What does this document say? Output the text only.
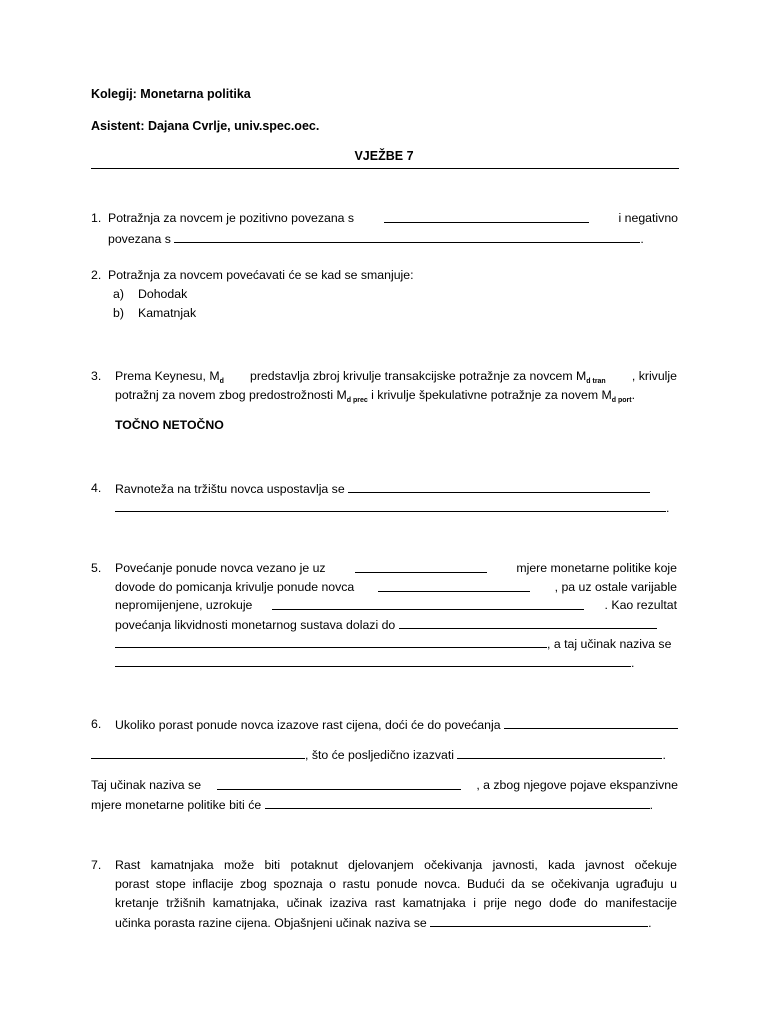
Kolegij: Monetarna politika
Asistent: Dajana Cvrlje, univ.spec.oec.
VJEŽBE 7
1. Potražnja za novcem je pozitivno povezana s	i negativno
povezana s	.
2. Potražnja za novcem povećavati će se kad se smanjuje:
a) Dohodak
b) Kamatnjak
3. Prema Keynesu, $M_d$ predstavlja zbroj krivulje transakcijske potražnje za novcem $M_{d tran}$ , krivulje
potražnj za novem zbog predostrožnosti $M_{d prec}$ i krivulje špekulativne potražnje za novem $M_{d port}$.
TOČNO NETOČNO
4. Ravnoteža na tržištu novca uspostavlja se
.
5. Povećanje ponude novca vezano je uz	mjere monetarne politike koje
dovode do pomicanja krivulje ponude novca	, pa uz ostale varijable
nepromijenjene, uzrokuje	. Kao rezultat
povećanja likvidnosti monetarnog sustava dolazi do
, a taj učinak naziva se
.
6. Ukoliko porast ponude novca izazove rast cijena, doći će do povećanja
, što će posljedično izazvati	.
Taj učinak naziva se	, a zbog njegove pojave ekspanzivne
mjere monetarne politike biti će	.
7. Rast kamatnjaka može biti potaknut djelovanjem očekivanja javnosti, kada javnost očekuje
porast stope inflacije zbog spoznaja o rastu ponude novca. Budući da se očekivanja ugrađuju u
kretanje tržišnih kamatnjaka, učinak izaziva rast kamatnjaka i prije nego dođe do manifestacije
učinka porasta razine cijena. Objašnjeni učinak naziva se	.
